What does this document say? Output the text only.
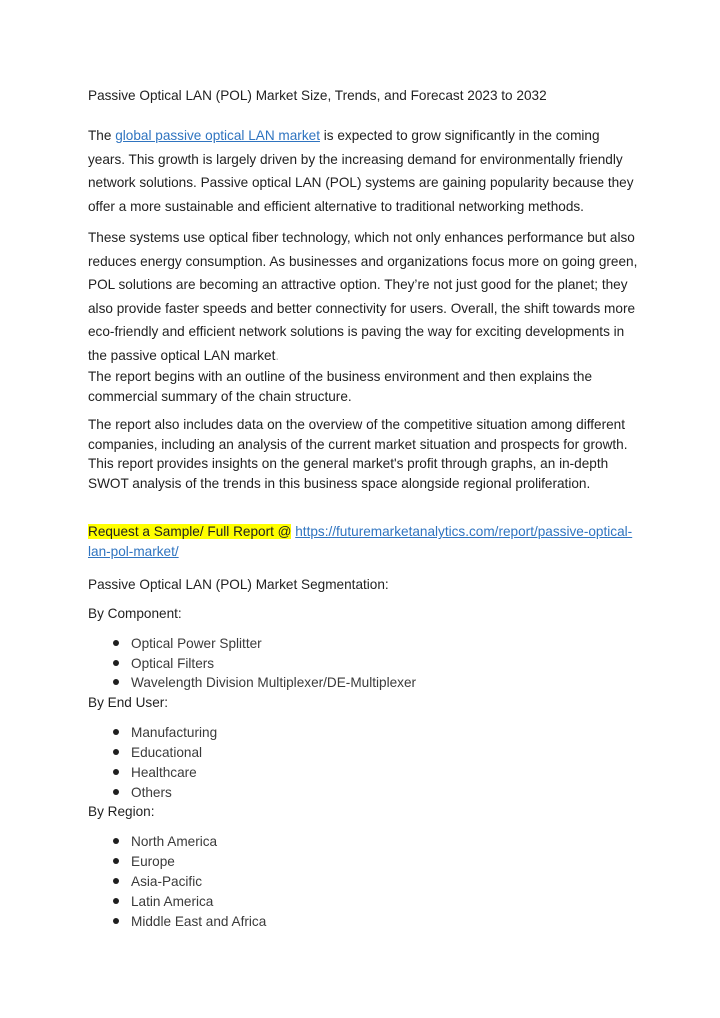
Passive Optical LAN (POL) Market Size, Trends, and Forecast 2023 to 2032

The global passive optical LAN market is expected to grow significantly in the coming years. This growth is largely driven by the increasing demand for environmentally friendly network solutions. Passive optical LAN (POL) systems are gaining popularity because they offer a more sustainable and efficient alternative to traditional networking methods.

These systems use optical fiber technology, which not only enhances performance but also reduces energy consumption. As businesses and organizations focus more on going green, POL solutions are becoming an attractive option. They’re not just good for the planet; they also provide faster speeds and better connectivity for users. Overall, the shift towards more eco-friendly and efficient network solutions is paving the way for exciting developments in the passive optical LAN market.

The report begins with an outline of the business environment and then explains the commercial summary of the chain structure.

The report also includes data on the overview of the competitive situation among different companies, including an analysis of the current market situation and prospects for growth. This report provides insights on the general market's profit through graphs, an in-depth SWOT analysis of the trends in this business space alongside regional proliferation.

Request a Sample/ Full Report @ https://futuremarketanalytics.com/report/passive-optical-lan-pol-market/

Passive Optical LAN (POL) Market Segmentation:

By Component:

Optical Power Splitter
Optical Filters
Wavelength Division Multiplexer/DE-Multiplexer

By End User:

Manufacturing
Educational
Healthcare
Others

By Region:

North America
Europe
Asia-Pacific
Latin America
Middle East and Africa
